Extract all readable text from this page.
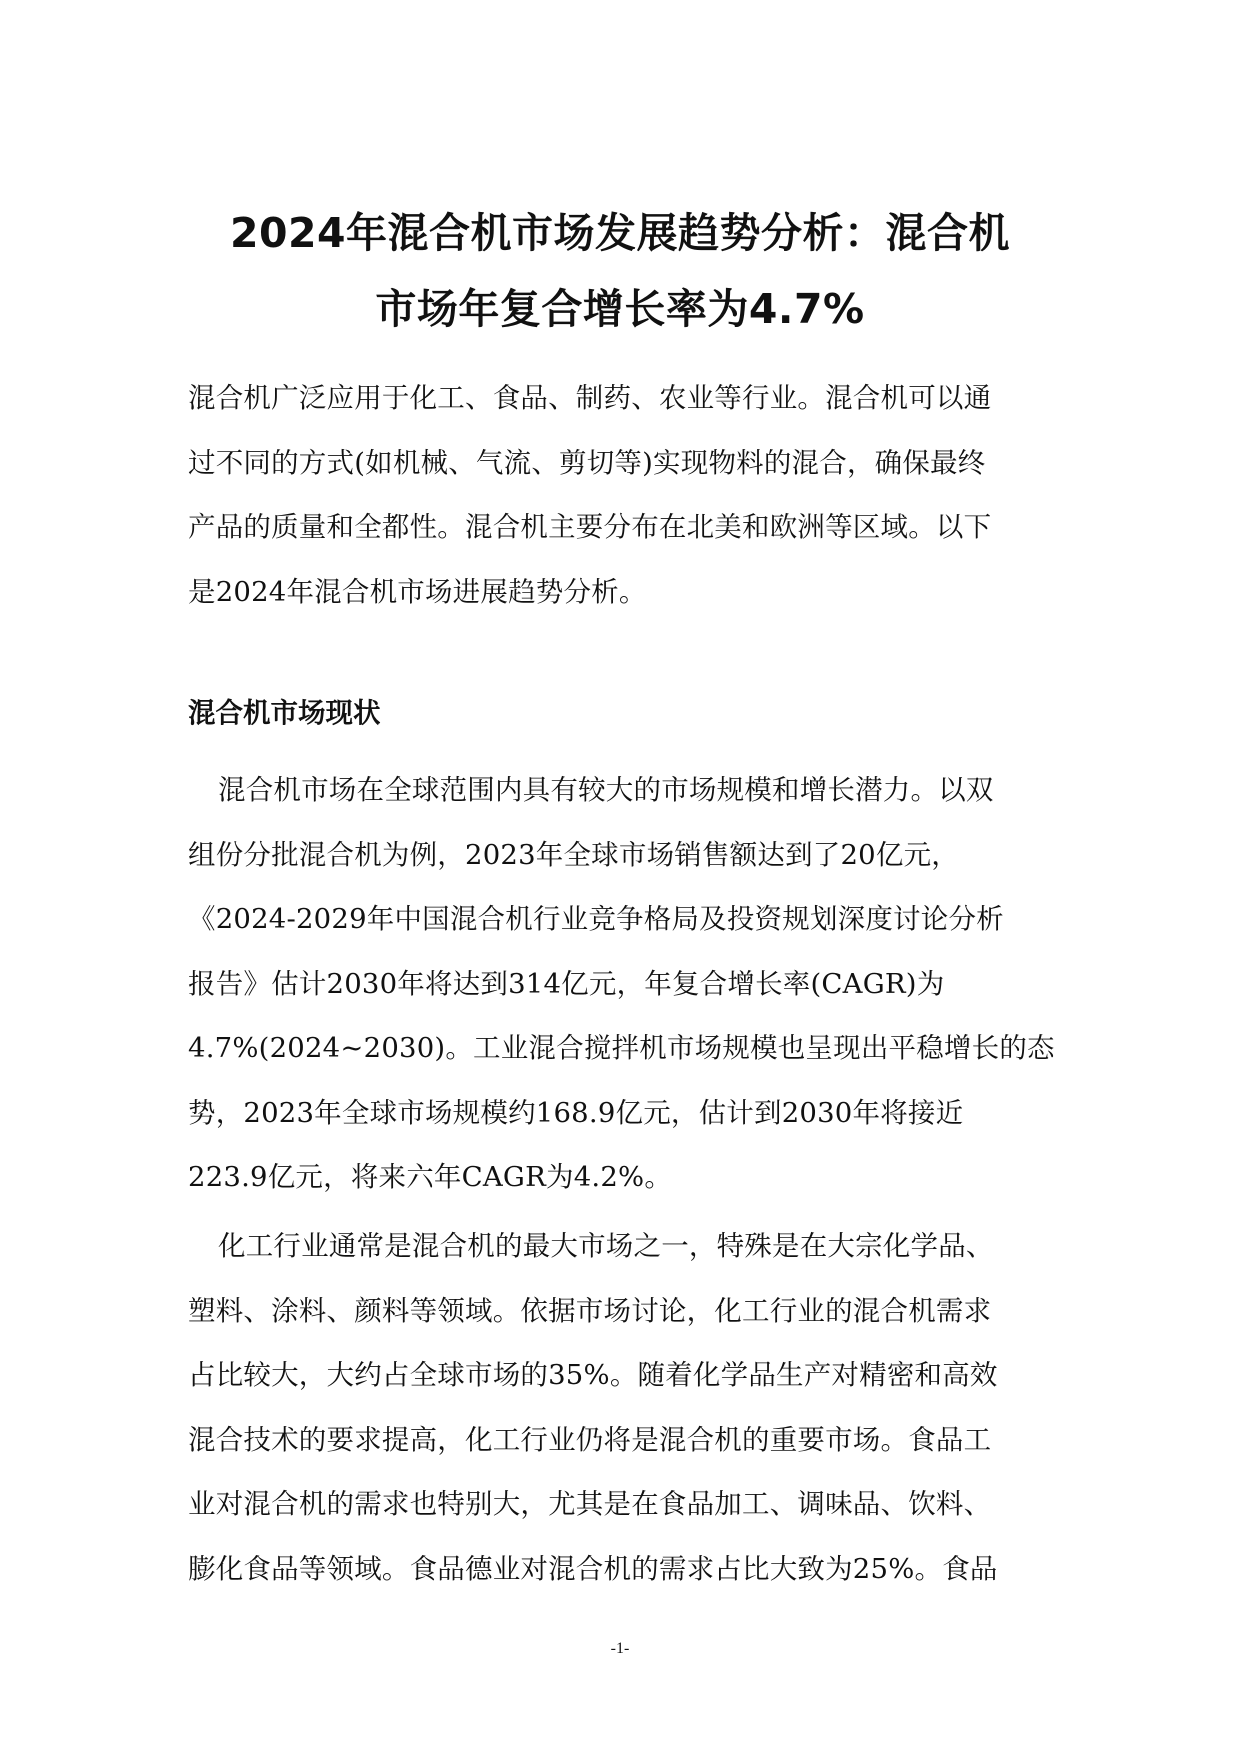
2024年混合机市场发展趋势分析：混合机
市场年复合增长率为4.7%

混合机广泛应用于化工、食品、制药、农业等行业。混合机可以通
过不同的方式(如机械、气流、剪切等)实现物料的混合，确保最终
产品的质量和全都性。混合机主要分布在北美和欧洲等区域。以下
是2024年混合机市场进展趋势分析。

混合机市场现状

混合机市场在全球范围内具有较大的市场规模和增长潜力。以双
组份分批混合机为例，2023年全球市场销售额达到了20亿元，
《2024-2029年中国混合机行业竞争格局及投资规划深度讨论分析
报告》估计2030年将达到314亿元，年复合增长率(CAGR)为
4.7%(2024~2030)。工业混合搅拌机市场规模也呈现出平稳增长的态
势，2023年全球市场规模约168.9亿元，估计到2030年将接近
223.9亿元，将来六年CAGR为4.2%。

化工行业通常是混合机的最大市场之一，特殊是在大宗化学品、
塑料、涂料、颜料等领域。依据市场讨论，化工行业的混合机需求
占比较大，大约占全球市场的35%。随着化学品生产对精密和高效
混合技术的要求提高，化工行业仍将是混合机的重要市场。食品工
业对混合机的需求也特别大，尤其是在食品加工、调味品、饮料、
膨化食品等领域。食品德业对混合机的需求占比大致为25%。食品

-1-
